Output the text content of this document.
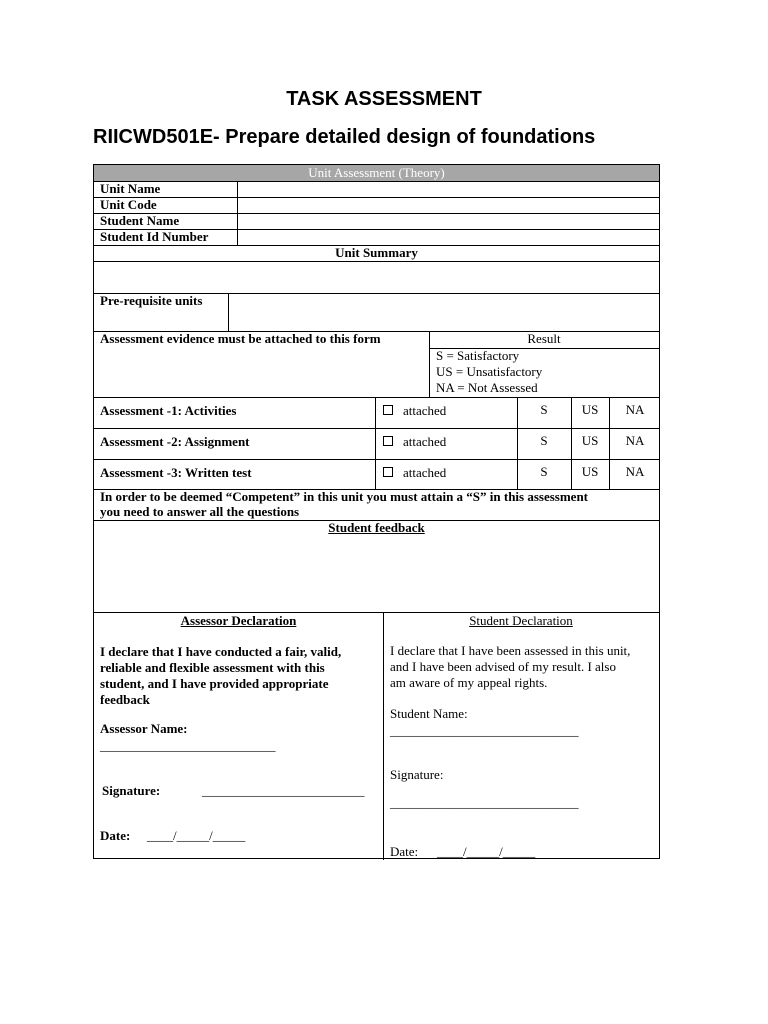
TASK ASSESSMENT
RIICWD501E- Prepare detailed design of foundations
Unit Assessment (Theory)
Unit Name
Unit Code
Student Name
Student Id Number
Unit Summary
Pre-requisite units
Assessment evidence must be attached to this form	Result
S = Satisfactory
US = Unsatisfactory
NA = Not Assessed
Assessment -1: Activities	attached	S	US	NA
Assessment -2: Assignment	attached	S	US	NA
Assessment -3: Written test	attached	S	US	NA
In order to be deemed “Competent” in this unit you must attain a “S” in this assessment
you need to answer all the questions
Student feedback
Assessor Declaration
I declare that I have conducted a fair, valid,
reliable and flexible assessment with this
student, and I have provided appropriate
feedback
Assessor Name:
___________________________
Signature:	_________________________
Date: ____/_____/_____
Student Declaration
I declare that I have been assessed in this unit,
and I have been advised of my result. I also
am aware of my appeal rights.
Student Name:
_____________________________
Signature:
_____________________________
Date: ____/_____/_____
